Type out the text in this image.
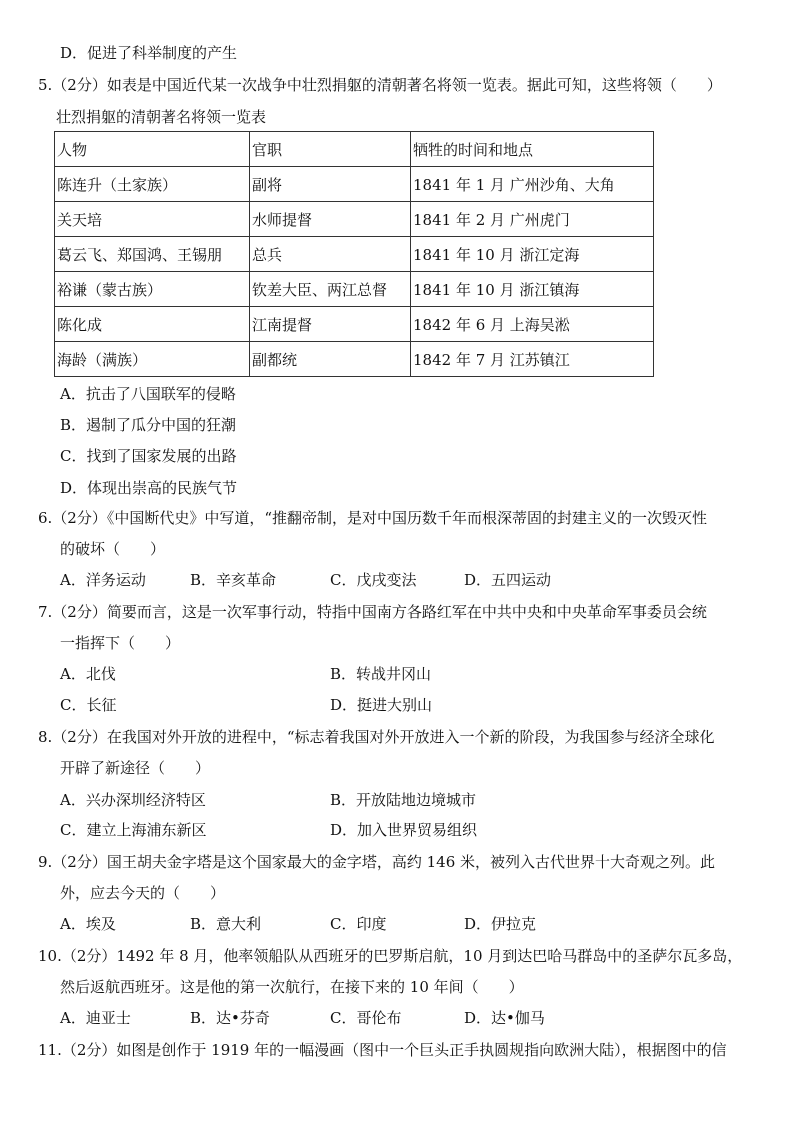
D．促进了科举制度的产生
5.（2分）如表是中国近代某一次战争中壮烈捐躯的清朝著名将领一览表。据此可知，这些将领（　　）
壮烈捐躯的清朝著名将领一览表
人物	官职	牺牲的时间和地点
陈连升（土家族）	副将	1841 年 1 月 广州沙角、大角
关天培	水师提督	1841 年 2 月 广州虎门
葛云飞、郑国鸿、王锡朋	总兵	1841 年 10 月 浙江定海
裕谦（蒙古族）	钦差大臣、两江总督	1841 年 10 月 浙江镇海
陈化成	江南提督	1842 年 6 月 上海吴淞
海龄（满族）	副都统	1842 年 7 月 江苏镇江
A．抗击了八国联军的侵略
B．遏制了瓜分中国的狂潮
C．找到了国家发展的出路
D．体现出崇高的民族气节
6.（2分）《中国断代史》中写道，“推翻帝制，是对中国历数千年而根深蒂固的封建主义的一次毁灭性
的破坏（　　）
A．洋务运动	B．辛亥革命	C．戊戌变法	D．五四运动
7.（2分）简要而言，这是一次军事行动，特指中国南方各路红军在中共中央和中央革命军事委员会统
一指挥下（　　）
A．北伐	B．转战井冈山
C．长征	D．挺进大别山
8.（2分）在我国对外开放的进程中，“标志着我国对外开放进入一个新的阶段，为我国参与经济全球化
开辟了新途径（　　）
A．兴办深圳经济特区	B．开放陆地边境城市
C．建立上海浦东新区	D．加入世界贸易组织
9.（2分）国王胡夫金字塔是这个国家最大的金字塔，高约 146 米，被列入古代世界十大奇观之列。此
外，应去今天的（　　）
A．埃及	B．意大利	C．印度	D．伊拉克
10.（2分）1492 年 8 月，他率领船队从西班牙的巴罗斯启航，10 月到达巴哈马群岛中的圣萨尔瓦多岛，
然后返航西班牙。这是他的第一次航行，在接下来的 10 年间（　　）
A．迪亚士	B．达•芬奇	C．哥伦布	D．达•伽马
11.（2分）如图是创作于 1919 年的一幅漫画（图中一个巨头正手执圆规指向欧洲大陆），根据图中的信
